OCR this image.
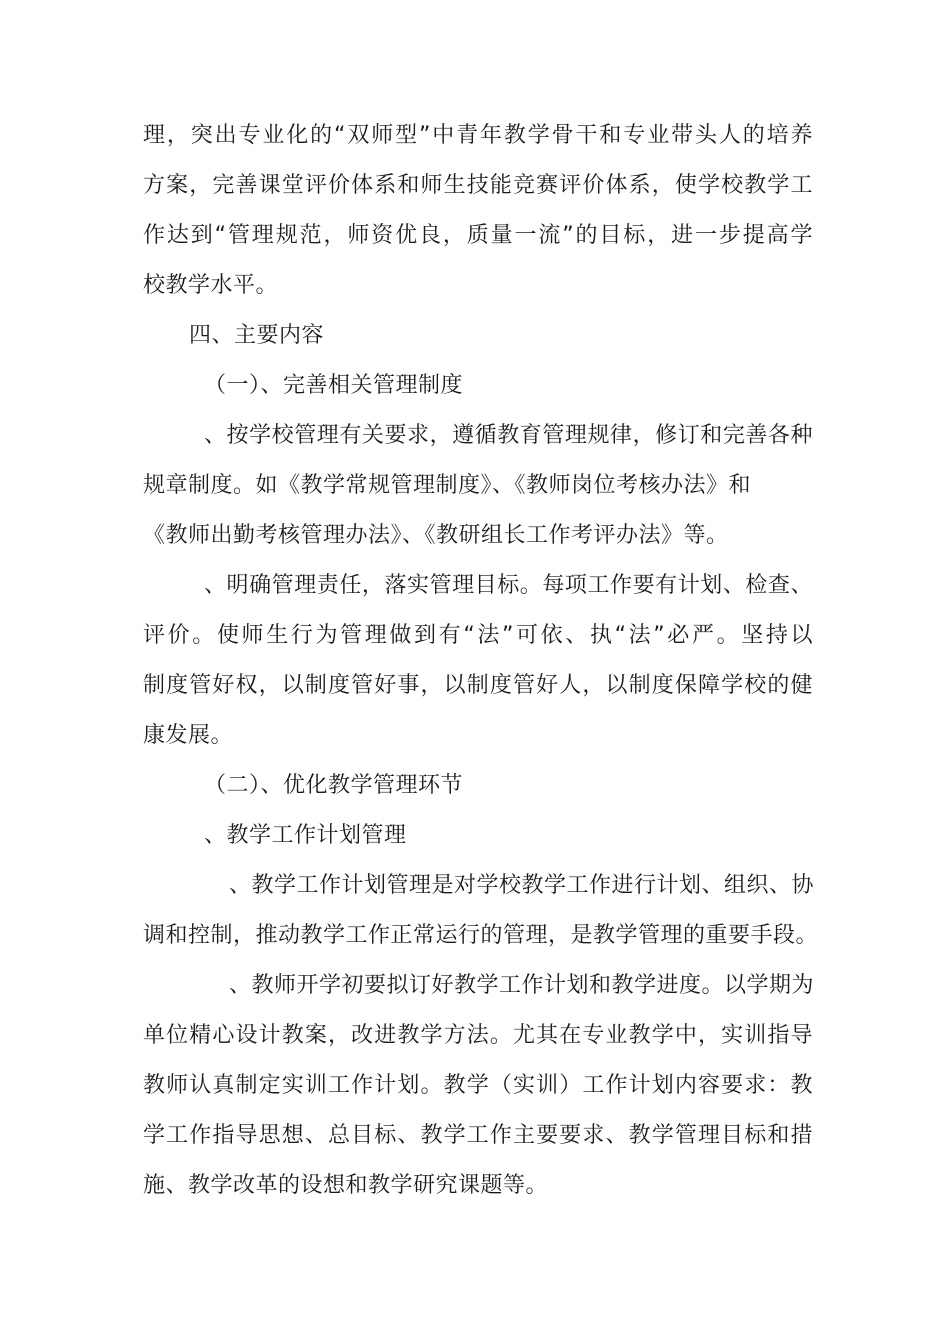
理，突出专业化的“双师型”中青年教学骨干和专业带头人的培养
方案，完善课堂评价体系和师生技能竞赛评价体系，使学校教学工
作达到“管理规范，师资优良，质量一流”的目标，进一步提高学
校教学水平。
四、主要内容
（一）、完善相关管理制度
、按学校管理有关要求，遵循教育管理规律，修订和完善各种
规章制度。如《教学常规管理制度》、《教师岗位考核办法》和
《教师出勤考核管理办法》、《教研组长工作考评办法》等。
、明确管理责任，落实管理目标。每项工作要有计划、检查、
评价。使师生行为管理做到有“法”可依、执“法”必严。坚持以
制度管好权，以制度管好事，以制度管好人，以制度保障学校的健
康发展。
（二）、优化教学管理环节
、教学工作计划管理
、教学工作计划管理是对学校教学工作进行计划、组织、协
调和控制，推动教学工作正常运行的管理，是教学管理的重要手段。
、教师开学初要拟订好教学工作计划和教学进度。以学期为
单位精心设计教案，改进教学方法。尤其在专业教学中，实训指导
教师认真制定实训工作计划。教学（实训）工作计划内容要求：教
学工作指导思想、总目标、教学工作主要要求、教学管理目标和措
施、教学改革的设想和教学研究课题等。
